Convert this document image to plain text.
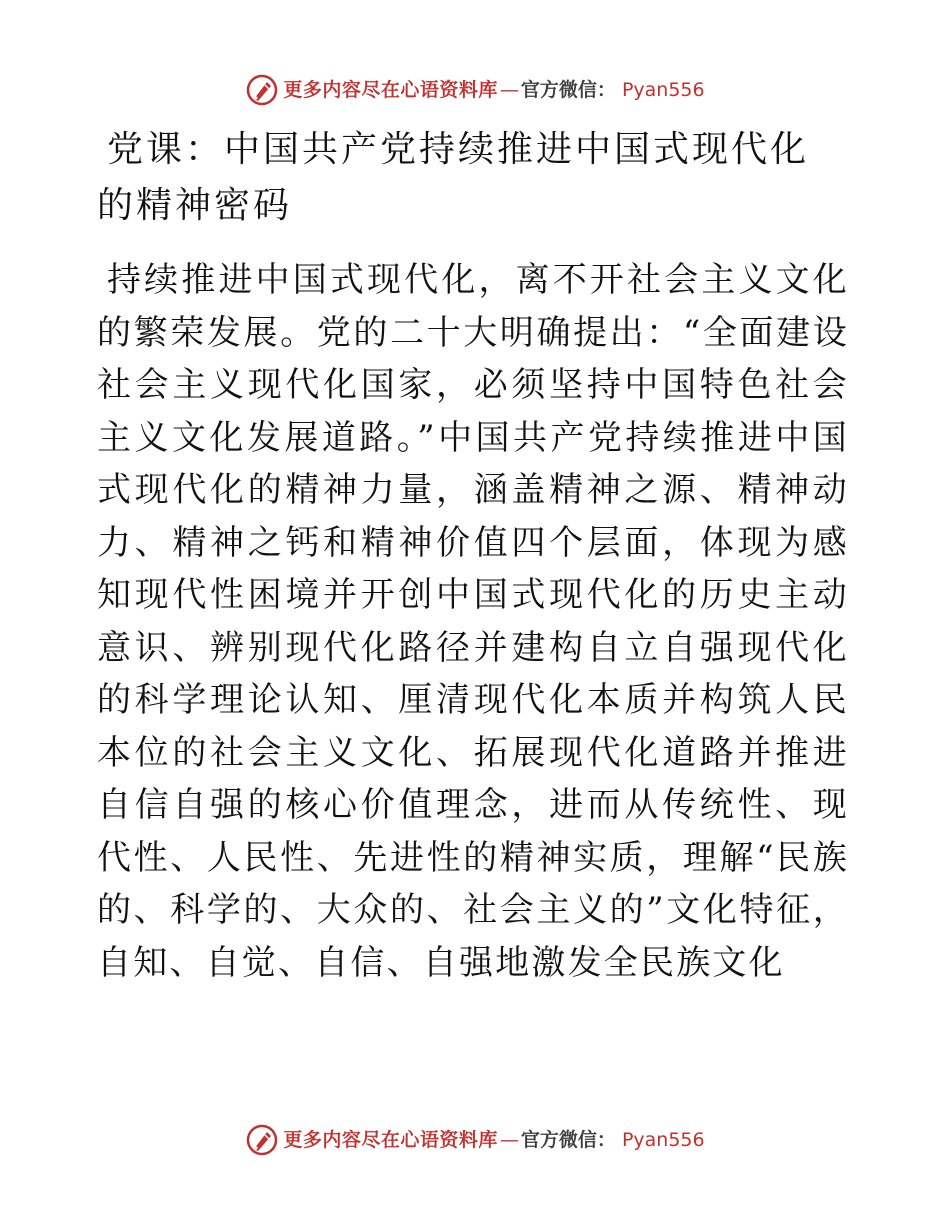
更多内容尽在心语资料库 — 官方微信： Pyan556
党课：中国共产党持续推进中国式现代化的精神密码

持续推进中国式现代化，离不开社会主义文化的繁荣发展。党的二十大明确提出：“全面建设社会主义现代化国家，必须坚持中国特色社会主义文化发展道路。”中国共产党持续推进中国式现代化的精神力量，涵盖精神之源、精神动力、精神之钙和精神价值四个层面，体现为感知现代性困境并开创中国式现代化的历史主动意识、辨别现代化路径并建构自立自强现代化的科学理论认知、厘清现代化本质并构筑人民本位的社会主义文化、拓展现代化道路并推进自信自强的核心价值理念，进而从传统性、现代性、人民性、先进性的精神实质，理解“民族的、科学的、大众的、社会主义的”文化特征，自知、自觉、自信、自强地激发全民族文化

更多内容尽在心语资料库 — 官方微信： Pyan556
